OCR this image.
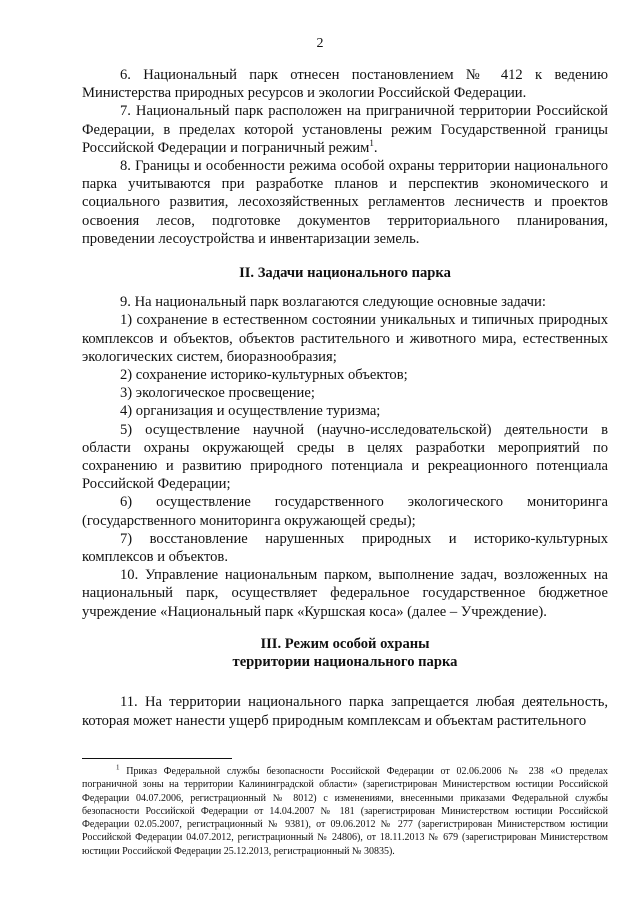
2

6. Национальный парк отнесен постановлением № 412 к ведению Министерства природных ресурсов и экологии Российской Федерации.

7. Национальный парк расположен на приграничной территории Российской Федерации, в пределах которой установлены режим Государственной границы Российской Федерации и пограничный режим$^1$.

8. Границы и особенности режима особой охраны территории национального парка учитываются при разработке планов и перспектив экономического и социального развития, лесохозяйственных регламентов лесничеств и проектов освоения лесов, подготовке документов территориального планирования, проведении лесоустройства и инвентаризации земель.

II. Задачи национального парка

9. На национальный парк возлагаются следующие основные задачи:

1) сохранение в естественном состоянии уникальных и типичных природных комплексов и объектов, объектов растительного и животного мира, естественных экологических систем, биоразнообразия;

2) сохранение историко-культурных объектов;

3) экологическое просвещение;

4) организация и осуществление туризма;

5) осуществление научной (научно-исследовательской) деятельности в области охраны окружающей среды в целях разработки мероприятий по сохранению и развитию природного потенциала и рекреационного потенциала Российской Федерации;

6) осуществление государственного экологического мониторинга (государственного мониторинга окружающей среды);

7) восстановление нарушенных природных и историко-культурных комплексов и объектов.

10. Управление национальным парком, выполнение задач, возложенных на национальный парк, осуществляет федеральное государственное бюджетное учреждение «Национальный парк «Куршская коса» (далее – Учреждение).

III. Режим особой охраны
территории национального парка

11. На территории национального парка запрещается любая деятельность, которая может нанести ущерб природным комплексам и объектам растительного

$^1$ Приказ Федеральной службы безопасности Российской Федерации от 02.06.2006 № 238 «О пределах пограничной зоны на территории Калининградской области» (зарегистрирован Министерством юстиции Российской Федерации 04.07.2006, регистрационный № 8012) с изменениями, внесенными приказами Федеральной службы безопасности Российской Федерации от 14.04.2007 № 181 (зарегистрирован Министерством юстиции Российской Федерации 02.05.2007, регистрационный № 9381), от 09.06.2012 № 277 (зарегистрирован Министерством юстиции Российской Федерации 04.07.2012, регистрационный № 24806), от 18.11.2013 № 679 (зарегистрирован Министерством юстиции Российской Федерации 25.12.2013, регистрационный № 30835).
